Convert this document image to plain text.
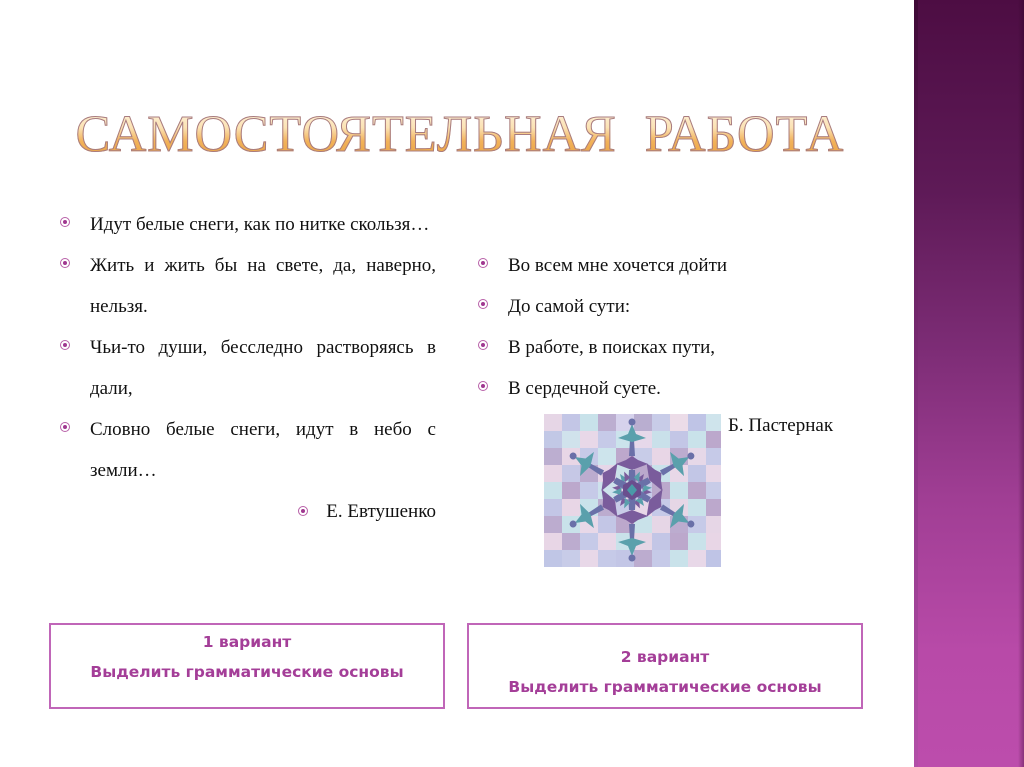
САМОСТОЯТЕЛЬНАЯ  РАБОТА
Идут белые снеги, как по нитке скользя…
Жить и жить бы на свете, да, наверно, нельзя.
Чьи-то души, бесследно растворяясь в дали,
Словно белые снеги, идут в небо с земли…
Е. Евтушенко
Во всем мне хочется дойти
До самой сути:
В работе, в поисках пути,
В сердечной суете.
Б. Пастернак
1 вариант
Выделить грамматические основы
2 вариант
Выделить грамматические основы
